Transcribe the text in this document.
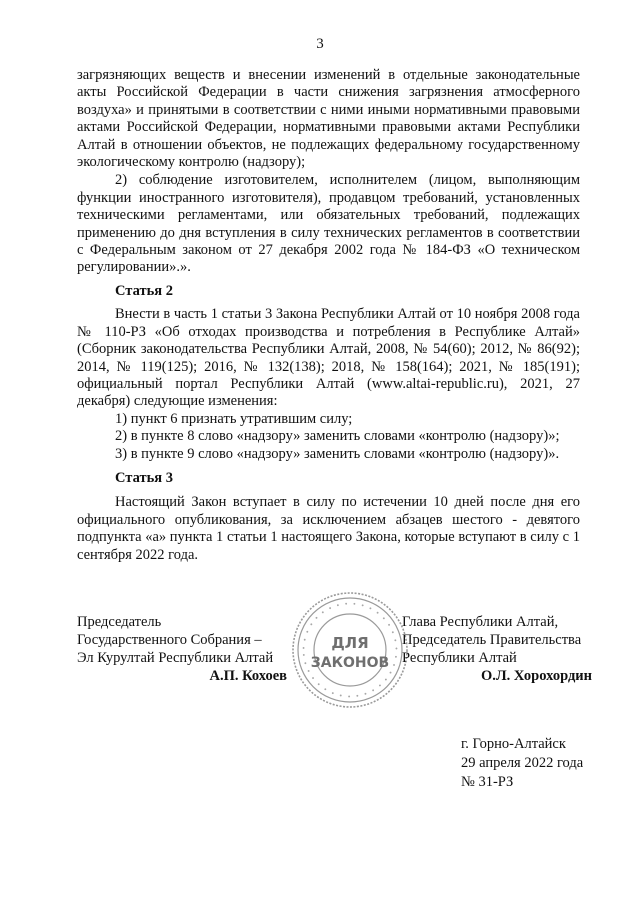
3

загрязняющих веществ и внесении изменений в отдельные законодательные акты Российской Федерации в части снижения загрязнения атмосферного воздуха» и принятыми в соответствии с ними иными нормативными правовыми актами Российской Федерации, нормативными правовыми актами Республики Алтай в отношении объектов, не подлежащих федеральному государственному экологическому контролю (надзору);

2) соблюдение изготовителем, исполнителем (лицом, выполняющим функции иностранного изготовителя), продавцом требований, установленных техническими регламентами, или обязательных требований, подлежащих применению до дня вступления в силу технических регламентов в соответствии с Федеральным законом от 27 декабря 2002 года № 184-ФЗ «О техническом регулировании».».

Статья 2

Внести в часть 1 статьи 3 Закона Республики Алтай от 10 ноября 2008 года № 110-РЗ «Об отходах производства и потребления в Республике Алтай» (Сборник законодательства Республики Алтай, 2008, № 54(60); 2012, № 86(92); 2014, № 119(125); 2016, № 132(138); 2018, № 158(164); 2021, № 185(191); официальный портал Республики Алтай (www.altai-republic.ru), 2021, 27 декабря) следующие изменения:

1) пункт 6 признать утратившим силу;

2) в пункте 8 слово «надзору» заменить словами «контролю (надзору)»;

3) в пункте 9 слово «надзору» заменить словами «контролю (надзору)».

Статья 3

Настоящий Закон вступает в силу по истечении 10 дней после дня его официального опубликования, за исключением абзацев шестого - девятого подпункта «а» пункта 1 статьи 1 настоящего Закона, которые вступают в силу с 1 сентября 2022 года.

• • • • • • • • • • • • • • • • • • • • • • • • • • • • • • • • • • •
ДЛЯ
ЗАКОНОВ
Председатель
Государственного Собрания –
Эл Курултай Республики Алтай
А.П. Кохоев
Глава Республики Алтай,
Председатель Правительства
Республики Алтай
О.Л. Хорохордин
г. Горно-Алтайск
29 апреля 2022 года
№ 31-РЗ
